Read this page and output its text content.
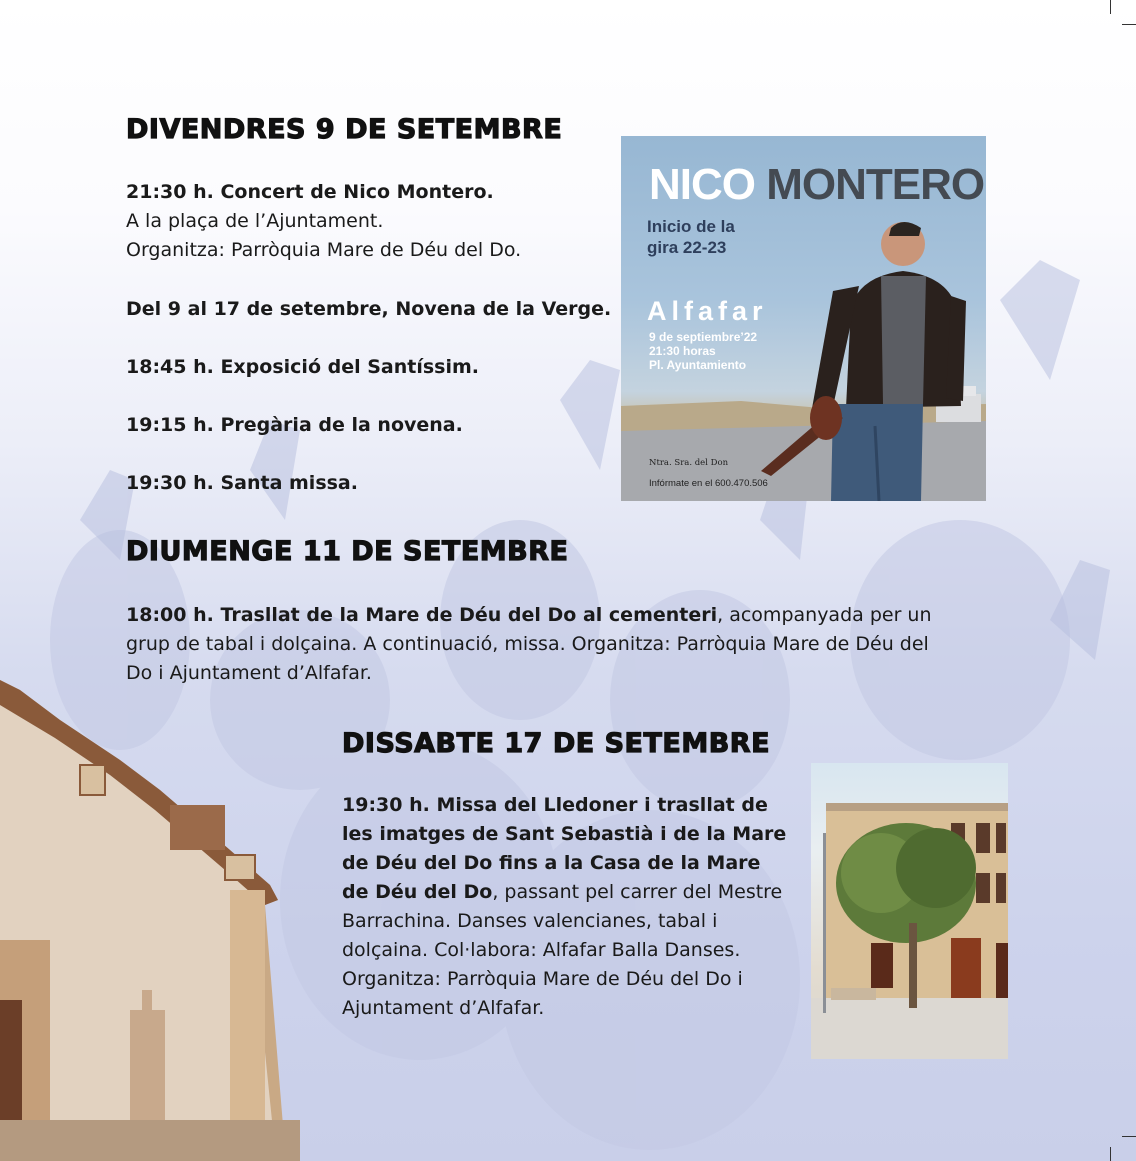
DIVENDRES 9 DE SETEMBRE
21:30 h. Concert de Nico Montero.
A la plaça de l’Ajuntament.
Organitza: Parròquia Mare de Déu del Do.
Del 9 al 17 de setembre, Novena de la Verge.
18:45 h. Exposició del Santíssim.
19:15 h. Pregària de la novena.
19:30 h. Santa missa.
NICO MONTERO
Inicio de la gira 22-23
Alfafar
9 de septiembre’22
21:30 horas
Pl. Ayuntamiento
Ntra. Sra. del Don
Infórmate en el 600.470.506
DIUMENGE 11 DE SETEMBRE
18:00 h. Trasllat de la Mare de Déu del Do al cementeri, acompanyada per un grup de tabal i dolçaina. A continuació, missa. Organitza: Parròquia Mare de Déu del Do i Ajuntament d’Alfafar.
DISSABTE 17 DE SETEMBRE
19:30 h. Missa del Lledoner i trasllat de les imatges de Sant Sebastià i de la Mare de Déu del Do fins a la Casa de la Mare de Déu del Do, passant pel carrer del Mestre Barrachina. Danses valencianes, tabal i dolçaina. Col·labora: Alfafar Balla Danses. Organitza: Parròquia Mare de Déu del Do i Ajuntament d’Alfafar.
